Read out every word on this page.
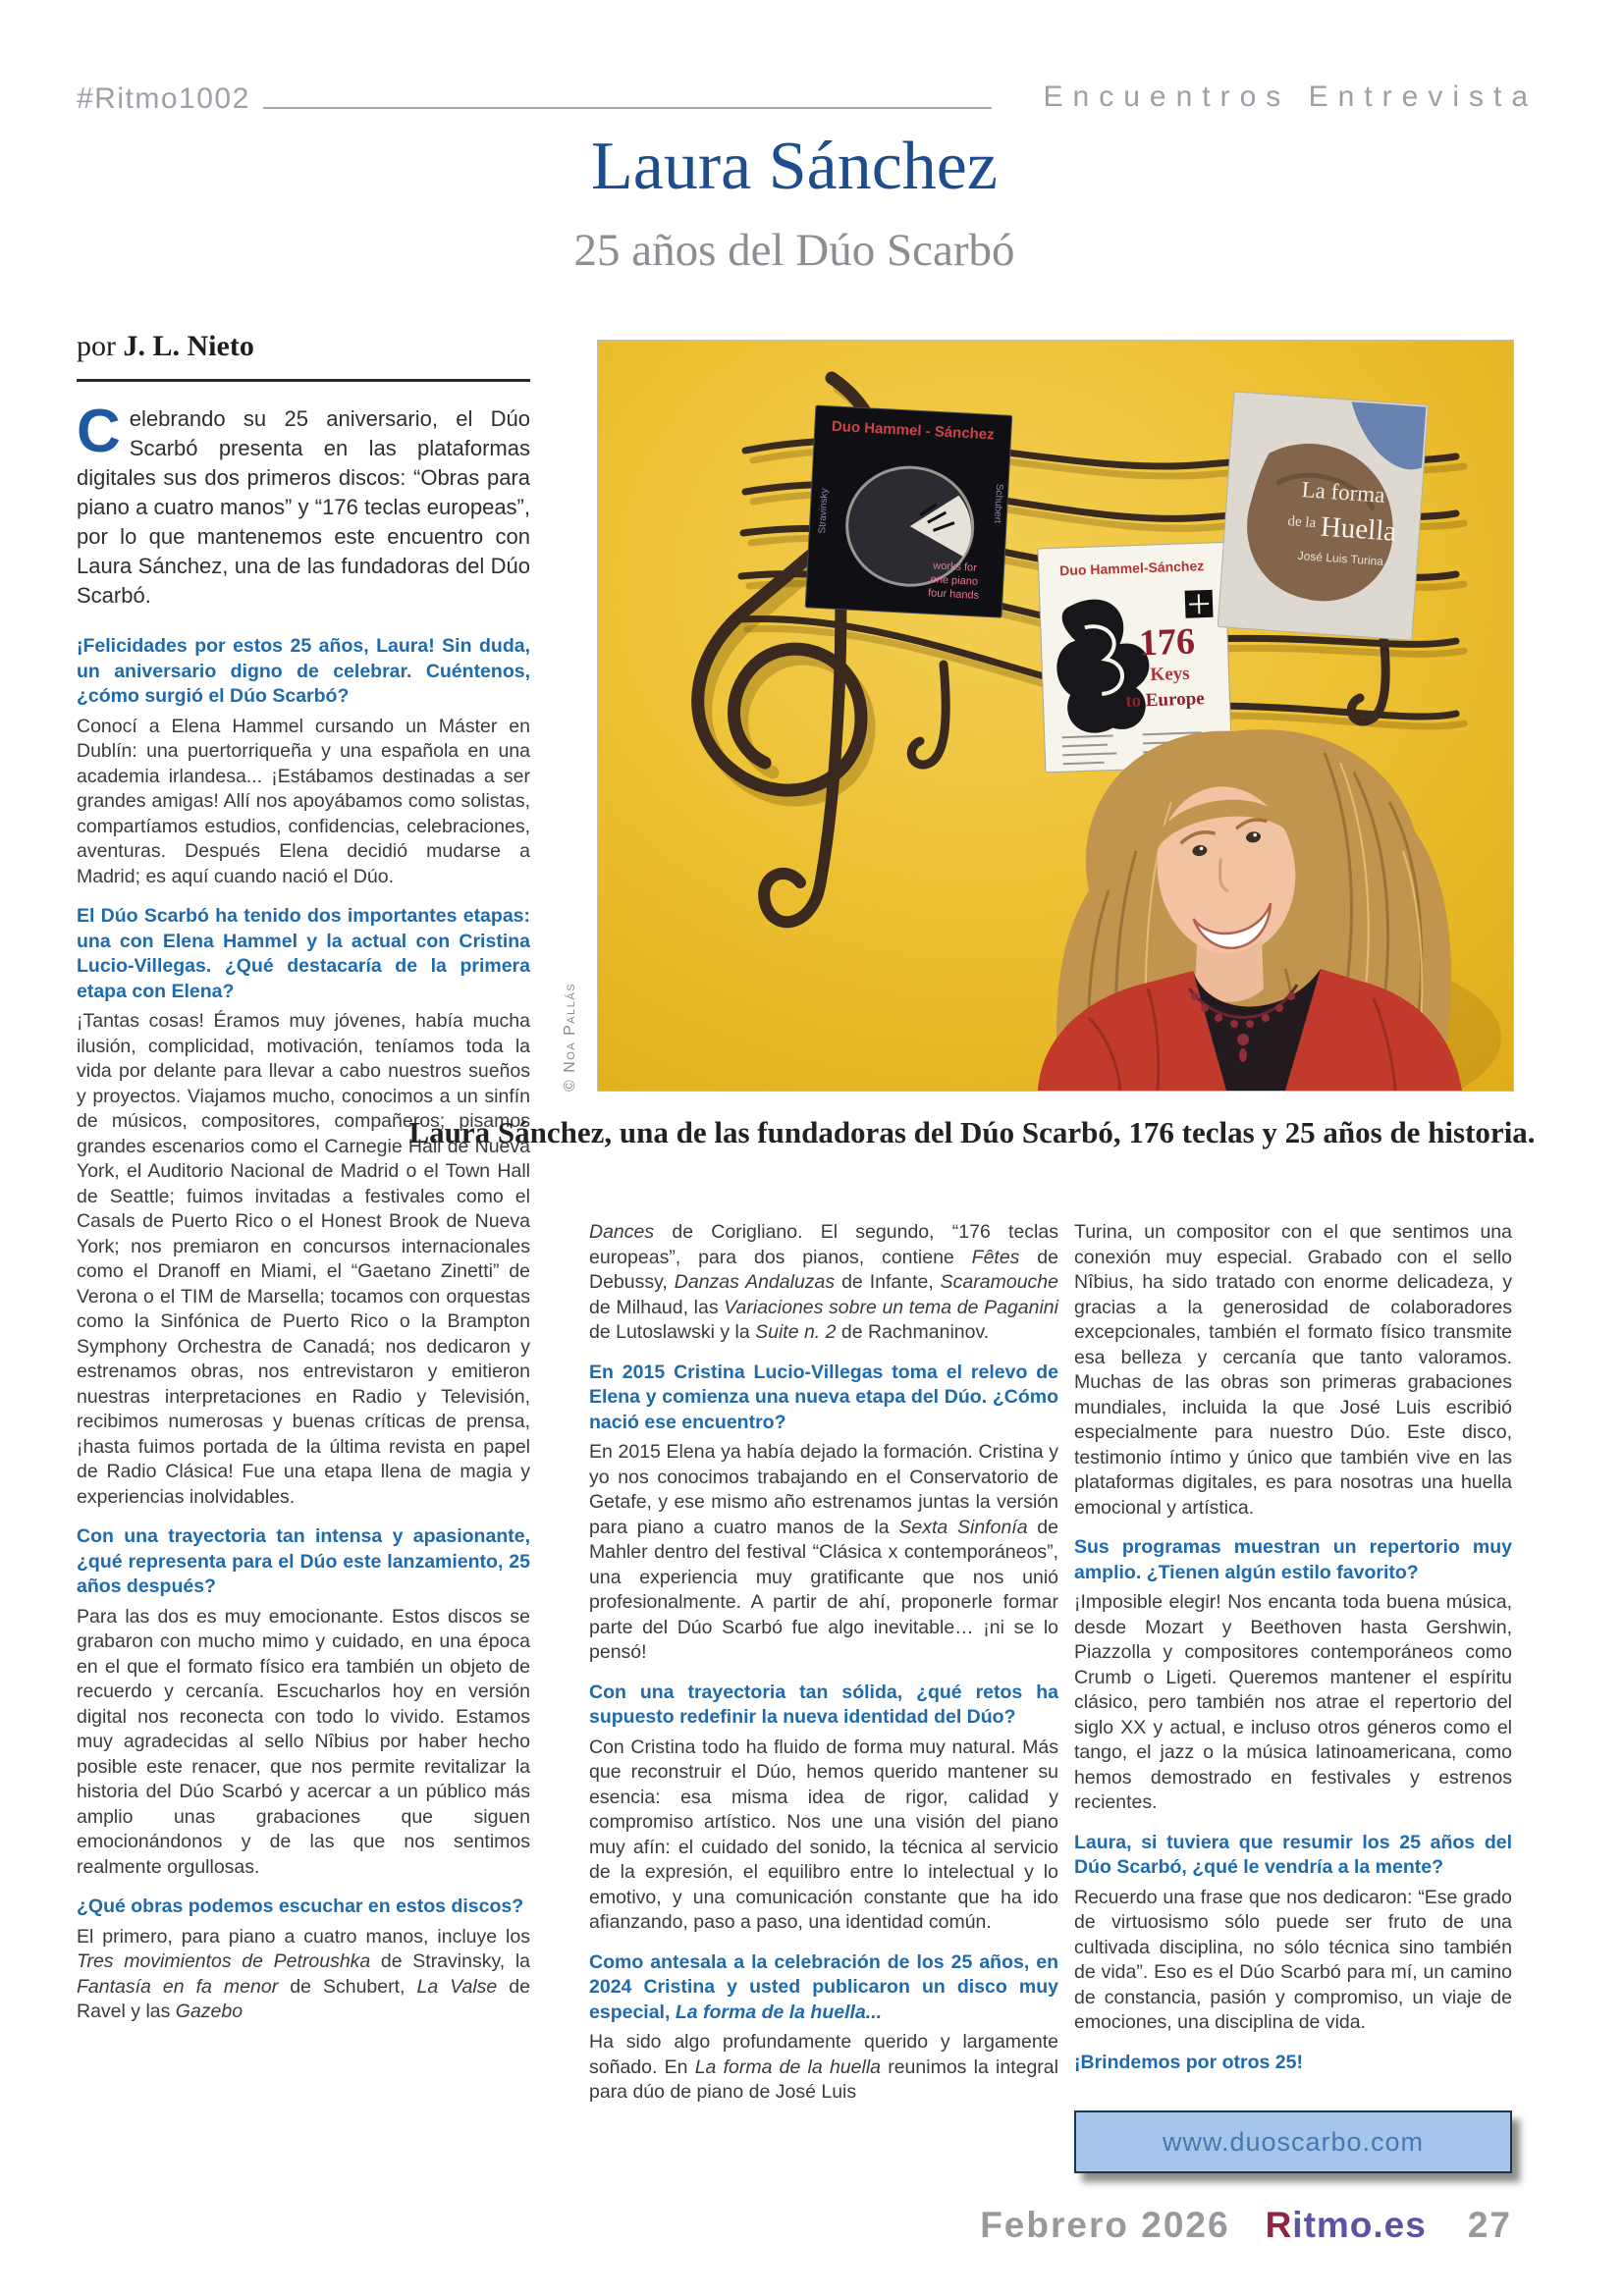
#Ritmo1002	Encuentros Entrevista
Laura Sánchez
25 años del Dúo Scarbó
por J. L. Nieto

Celebrando su 25 aniversario, el Dúo Scarbó presenta en las plataformas digitales sus dos primeros discos: “Obras para piano a cuatro manos” y “176 teclas europeas”, por lo que mantenemos este encuentro con Laura Sánchez, una de las fundadoras del Dúo Scarbó.

¡Felicidades por estos 25 años, Laura! Sin duda, un aniversario digno de celebrar. Cuéntenos, ¿cómo surgió el Dúo Scarbó?

Conocí a Elena Hammel cursando un Máster en Dublín: una puertorriqueña y una española en una academia irlandesa... ¡Estábamos destinadas a ser grandes amigas! Allí nos apoyábamos como solistas, compartíamos estudios, confidencias, celebraciones, aventuras. Después Elena decidió mudarse a Madrid; es aquí cuando nació el Dúo.

El Dúo Scarbó ha tenido dos importantes etapas: una con Elena Hammel y la actual con Cristina Lucio-Villegas. ¿Qué destacaría de la primera etapa con Elena?

¡Tantas cosas! Éramos muy jóvenes, había mucha ilusión, complicidad, motivación, teníamos toda la vida por delante para llevar a cabo nuestros sueños y proyectos. Viajamos mucho, conocimos a un sinfín de músicos, compositores, compañeros; pisamos grandes escenarios como el Carnegie Hall de Nueva York, el Auditorio Nacional de Madrid o el Town Hall de Seattle; fuimos invitadas a festivales como el Casals de Puerto Rico o el Honest Brook de Nueva York; nos premiaron en concursos internacionales como el Dranoff en Miami, el “Gaetano Zinetti” de Verona o el TIM de Marsella; tocamos con orquestas como la Sinfónica de Puerto Rico o la Brampton Symphony Orchestra de Canadá; nos dedicaron y estrenamos obras, nos entrevistaron y emitieron nuestras interpretaciones en Radio y Televisión, recibimos numerosas y buenas críticas de prensa, ¡hasta fuimos portada de la última revista en papel de Radio Clásica! Fue una etapa llena de magia y experiencias inolvidables.

Con una trayectoria tan intensa y apasionante, ¿qué representa para el Dúo este lanzamiento, 25 años después?

Para las dos es muy emocionante. Estos discos se grabaron con mucho mimo y cuidado, en una época en el que el formato físico era también un objeto de recuerdo y cercanía. Escucharlos hoy en versión digital nos reconecta con todo lo vivido. Estamos muy agradecidas al sello Nîbius por haber hecho posible este renacer, que nos permite revitalizar la historia del Dúo Scarbó y acercar a un público más amplio unas grabaciones que siguen emocionándonos y de las que nos sentimos realmente orgullosas.

¿Qué obras podemos escuchar en estos discos?

El primero, para piano a cuatro manos, incluye los Tres movimientos de Petroushka de Stravinsky, la Fantasía en fa menor de Schubert, La Valse de Ravel y las Gazebo

Duo Hammel - Sánchez
works for
one piano
four hands
Stravinsky	Schubert
Duo Hammel-Sánchez
176
Keys
to Europe
La forma
de la Huella
José Luis Turina
© Noa Pallás
Laura Sánchez, una de las fundadoras del Dúo Scarbó, 176 teclas y 25 años de historia.

Dances de Corigliano. El segundo, “176 teclas europeas”, para dos pianos, contiene Fêtes de Debussy, Danzas Andaluzas de Infante, Scaramouche de Milhaud, las Variaciones sobre un tema de Paganini de Lutoslawski y la Suite n. 2 de Rachmaninov.

En 2015 Cristina Lucio-Villegas toma el relevo de Elena y comienza una nueva etapa del Dúo. ¿Cómo nació ese encuentro?

En 2015 Elena ya había dejado la formación. Cristina y yo nos conocimos trabajando en el Conservatorio de Getafe, y ese mismo año estrenamos juntas la versión para piano a cuatro manos de la Sexta Sinfonía de Mahler dentro del festival “Clásica x contemporáneos”, una experiencia muy gratificante que nos unió profesionalmente. A partir de ahí, proponerle formar parte del Dúo Scarbó fue algo inevitable… ¡ni se lo pensó!

Con una trayectoria tan sólida, ¿qué retos ha supuesto redefinir la nueva identidad del Dúo?

Con Cristina todo ha fluido de forma muy natural. Más que reconstruir el Dúo, hemos querido mantener su esencia: esa misma idea de rigor, calidad y compromiso artístico. Nos une una visión del piano muy afín: el cuidado del sonido, la técnica al servicio de la expresión, el equilibro entre lo intelectual y lo emotivo, y una comunicación constante que ha ido afianzando, paso a paso, una identidad común.

Como antesala a la celebración de los 25 años, en 2024 Cristina y usted publicaron un disco muy especial, La forma de la huella...

Ha sido algo profundamente querido y largamente soñado. En La forma de la huella reunimos la integral para dúo de piano de José Luis

Turina, un compositor con el que sentimos una conexión muy especial. Grabado con el sello Nîbius, ha sido tratado con enorme delicadeza, y gracias a la generosidad de colaboradores excepcionales, también el formato físico transmite esa belleza y cercanía que tanto valoramos. Muchas de las obras son primeras grabaciones mundiales, incluida la que José Luis escribió especialmente para nuestro Dúo. Este disco, testimonio íntimo y único que también vive en las plataformas digitales, es para nosotras una huella emocional y artística.

Sus programas muestran un repertorio muy amplio. ¿Tienen algún estilo favorito?

¡Imposible elegir! Nos encanta toda buena música, desde Mozart y Beethoven hasta Gershwin, Piazzolla y compositores contemporáneos como Crumb o Ligeti. Queremos mantener el espíritu clásico, pero también nos atrae el repertorio del siglo XX y actual, e incluso otros géneros como el tango, el jazz o la música latinoamericana, como hemos demostrado en festivales y estrenos recientes.

Laura, si tuviera que resumir los 25 años del Dúo Scarbó, ¿qué le vendría a la mente?

Recuerdo una frase que nos dedicaron: “Ese grado de virtuosismo sólo puede ser fruto de una cultivada disciplina, no sólo técnica sino también de vida”. Eso es el Dúo Scarbó para mí, un camino de constancia, pasión y compromiso, un viaje de emociones, una disciplina de vida.

¡Brindemos por otros 25!

www.duoscarbo.com
Febrero 2026 Ritmo.es 27
